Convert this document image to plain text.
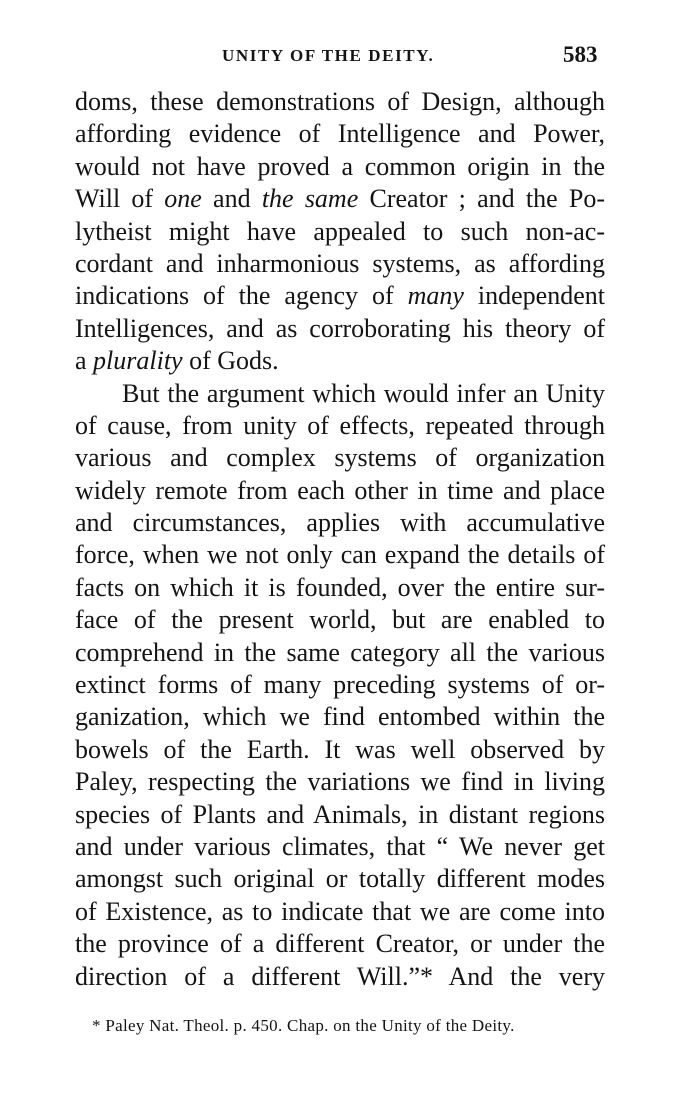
UNITY OF THE DEITY.	583
doms, these demonstrations of Design, although
affording evidence of Intelligence and Power,
would not have proved a common origin in the
Will of one and the same Creator ; and the Po-
lytheist might have appealed to such non-ac-
cordant and inharmonious systems, as affording
indications of the agency of many independent
Intelligences, and as corroborating his theory of
a plurality of Gods.
But the argument which would infer an Unity
of cause, from unity of effects, repeated through
various and complex systems of organization
widely remote from each other in time and place
and circumstances, applies with accumulative
force, when we not only can expand the details of
facts on which it is founded, over the entire sur-
face of the present world, but are enabled to
comprehend in the same category all the various
extinct forms of many preceding systems of or-
ganization, which we find entombed within the
bowels of the Earth. It was well observed by
Paley, respecting the variations we find in living
species of Plants and Animals, in distant regions
and under various climates, that “ We never get
amongst such original or totally different modes
of Existence, as to indicate that we are come into
the province of a different Creator, or under the
direction of a different Will.”* And the very
* Paley Nat. Theol. p. 450. Chap. on the Unity of the Deity.
